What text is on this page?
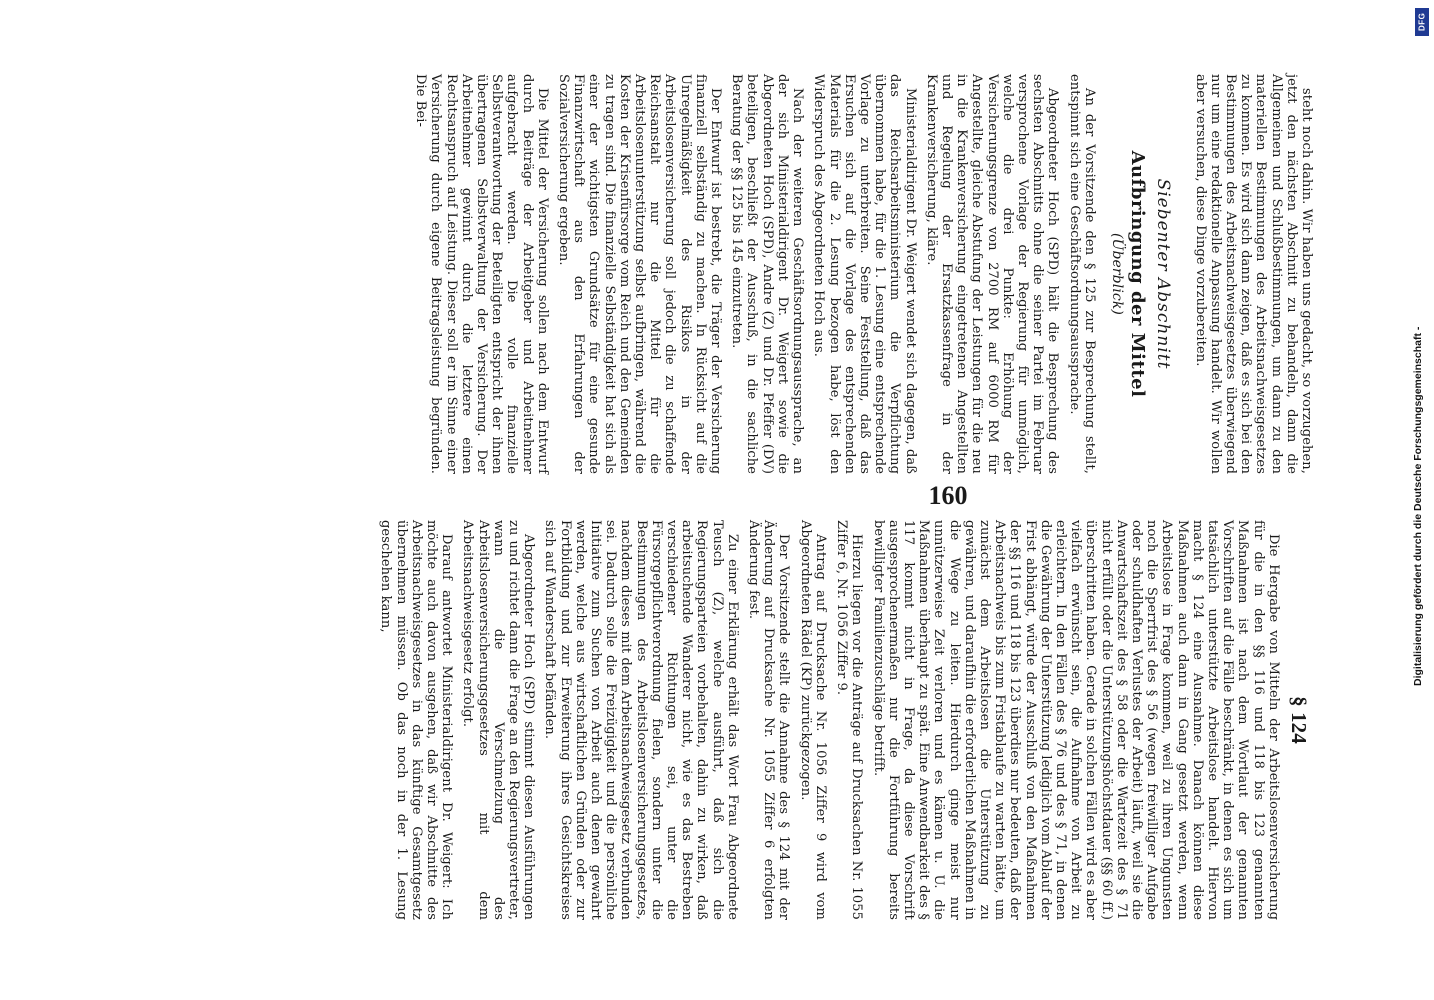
steht noch dahin. Wir haben uns gedacht, so vorzugehen, jetzt den nächsten Abschnitt zu behandeln, dann die Allgemeinen und Schlußbestimmungen, um dann zu den materiellen Bestimmungen des Arbeitsnachweisgesetzes zu kommen. Es wird sich dann zeigen, daß es sich bei den Bestimmungen des Arbeitsnachweisgesetzes überwiegend nur um eine redaktionelle Anpassung handelt. Wir wollen aber versuchen, diese Dinge vorzubereiten.

Siebenter Abschnitt
Aufbringung der Mittel
(Überblick)

An der Vorsitzende den § 125 zur Besprechung stellt, entspinnt sich eine Geschäftsordnungsaussprache.

Abgeordneter Hoch (SPD) hält die Besprechung des sechsten Abschnitts ohne die seiner Partei im Februar versprochene Vorlage der Regierung für unmöglich, welche die drei Punkte: Erhöhung der Versicherungsgrenze von 2700 RM auf 6000 RM für Angestellte, gleiche Abstufung der Leistungen für die neu in die Krankenversicherung eingetretenen Angestellten und Regelung der Ersatzkassenfrage in der Krankenversicherung, kläre.

Ministerialdirigent Dr. Weigert wendet sich dagegen, daß das Reichsarbeitsministerium die Verpflichtung übernommen habe, für die 1. Lesung eine entsprechende Vorlage zu unterbreiten. Seine Feststellung, daß das Ersuchen sich auf die Vorlage des entsprechenden Materials für die 2. Lesung bezogen habe, löst den Widerspruch des Abgeordneten Hoch aus.

Nach der weiteren Geschäftsordnungsaussprache, an der sich Ministerialdirigent Dr. Weigert sowie die Abgeordneten Hoch (SPD), Andre (Z) und Dr. Pfeffer (DV) beteiligen, beschließt der Ausschuß, in die sachliche Beratung der §§ 125 bis 145 einzutreten.

Der Entwurf ist bestrebt, die Träger der Versicherung finanziell selbständig zu machen. In Rücksicht auf die Unregelmäßigkeit des Risikos in der Arbeitslosenversicherung soll jedoch die zu schaffende Reichsanstalt nur die Mittel für die Arbeitslosenunterstützung selbst aufbringen, während die Kosten der Krisenfürsorge vom Reich und den Gemeinden zu tragen sind. Die finanzielle Selbständigkeit hat sich als einer der wichtigsten Grundsätze für eine gesunde Finanzwirtschaft aus den Erfahrungen der Sozialversicherung ergeben.

Die Mittel der Versicherung sollen nach dem Entwurf durch Beiträge der Arbeitgeber und Arbeitnehmer aufgebracht werden. Die volle finanzielle Selbstverantwortung der Beteiligten entspricht der ihnen übertragenen Selbstverwaltung der Versicherung. Der Arbeitnehmer gewinnt durch die letztere einen Rechtsanspruch auf Leistung. Dieser soll er im Sinne einer Versicherung durch eigene Beitragsleistung begründen. Die Bei-

160
§ 124

Die Hergabe von Mitteln der Arbeitslosenversicherung für die in den §§ 116 und 118 bis 123 genannten Maßnahmen ist nach dem Wortlaut der genannten Vorschriften auf die Fälle beschränkt, in denen es sich um tatsächlich unterstützte Arbeitslose handelt. Hiervon macht § 124 eine Ausnahme. Danach können diese Maßnahmen auch dann in Gang gesetzt werden, wenn Arbeitslose in Frage kommen, weil zu ihren Ungunsten noch die Sperrfrist des § 56 (wegen freiwilliger Aufgabe oder schuldhaften Verlustes der Arbeit) läuft, weil sie die Anwartschaftszeit des § 58 oder die Wartezeit des § 71 nicht erfüllt oder die Unterstützungshöchstdauer (§§ 60 ff.) überschritten haben. Gerade in solchen Fällen wird es aber vielfach erwünscht sein, die Aufnahme von Arbeit zu erleichtern. In den Fällen des § 76 und des § 71, in denen die Gewährung der Unterstützung lediglich vom Ablauf der Frist abhängt, würde der Ausschluß von den Maßnahmen der §§ 116 und 118 bis 123 überdies nur bedeuten, daß der Arbeitsnachweis bis zum Fristablaufe zu warten hätte, um zunächst dem Arbeitslosen die Unterstützung zu gewähren, und daraufhin die erforderlichen Maßnahmen in die Wege zu leiten. Hierdurch ginge meist nur unnützerweise Zeit verloren und es kämen u. U. die Maßnahmen überhaupt zu spät. Eine Anwendbarkeit des § 117 kommt nicht in Frage, da diese Vorschrift ausgesprochenermaßen nur die Fortführung bereits bewilligter Familienzuschläge betrifft.

Hierzu liegen vor die Anträge auf Drucksachen Nr. 1055 Ziffer 6, Nr. 1056 Ziffer 9.

Antrag auf Drucksache Nr. 1056 Ziffer 9 wird vom Abgeordneten Rädel (KP) zurückgezogen.

Der Vorsitzende stellt die Annahme des § 124 mit der Änderung auf Drucksache Nr. 1055 Ziffer 6 erfolgten Änderung fest.

Zu einer Erklärung erhält das Wort Frau Abgeordnete Teusch (Z), welche ausführt, daß sich die Regierungsparteien vorbehalten, dahin zu wirken, daß arbeitsuchende Wanderer nicht, wie es das Bestreben verschiedener Richtungen sei, unter die Fürsorgepflichtverordnung fielen, sondern unter die Bestimmungen des Arbeitslosenversicherungsgesetzes, nachdem dieses mit dem Arbeitsnachweisgesetz verbunden sei. Dadurch solle die Freizügigkeit und die persönliche Initiative zum Suchen von Arbeit auch denen gewahrt werden, welche aus wirtschaftlichen Gründen oder zur Fortbildung und zur Erweiterung ihres Gesichtskreises sich auf Wanderschaft befänden.

Abgeordneter Hoch (SPD) stimmt diesen Ausführungen zu und richtet dann die Frage an den Regierungsvertreter, wann die Verschmelzung des Arbeitslosenversicherungsgesetzes mit dem Arbeitsnachweisgesetz erfolgt.

Darauf antwortet Ministerialdirigent Dr. Weigert: Ich möchte auch davon ausgehen, daß wir Abschnitte des Arbeitsnachweisgesetzes in das künftige Gesamtgesetz übernehmen müssen. Ob das noch in der 1. Lesung geschehen kann,	Digitalisierung gefördert durch die Deutsche Forschungsgemeinschaft -
DFG
